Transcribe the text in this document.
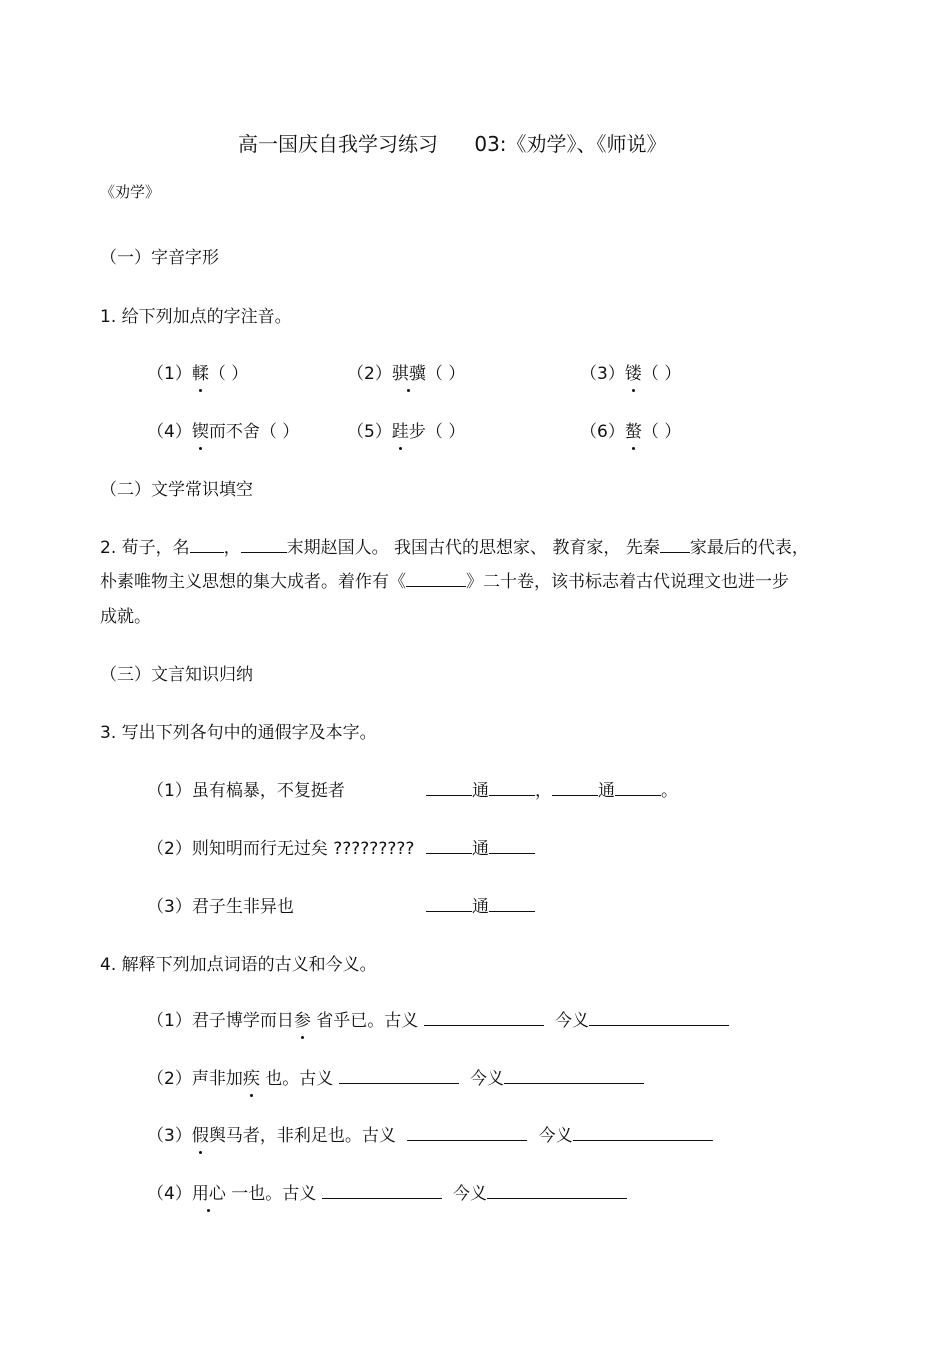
高一国庆自我学习练习 03:《劝学》、《师说》
《劝学》
（一）字音字形
1. 给下列加点的字注音。
（1）輮（ ）	（2）骐骥（ ）	（3）镂（ ）
（4）锲而不舍（ ）	（5）跬步（ ）	（6）螯（ ）
（二）文学常识填空
2. 荀子，名 ，	末期赵国人。 我国古代的思想家、 教育家， 先秦 家最后的代表，
朴素唯物主义思想的集大成者。着作有《	》二十卷，该书标志着古代说理文也进一步
成就。
（三）文言知识归纳
3. 写出下列各句中的通假字及本字。
（1）虽有槁暴，不复挺者	通	，	通	。
（2）则知明而行无过矣 ?????????	通
（3）君子生非异也	通
4. 解释下列加点词语的古义和今义。
（1）君子博学而日参 省乎已。古义	今义
（2）声非加疾 也。古义	今义
（3）假舆马者，非利足也。古义	今义
（4）用心 一也。古义	今义
